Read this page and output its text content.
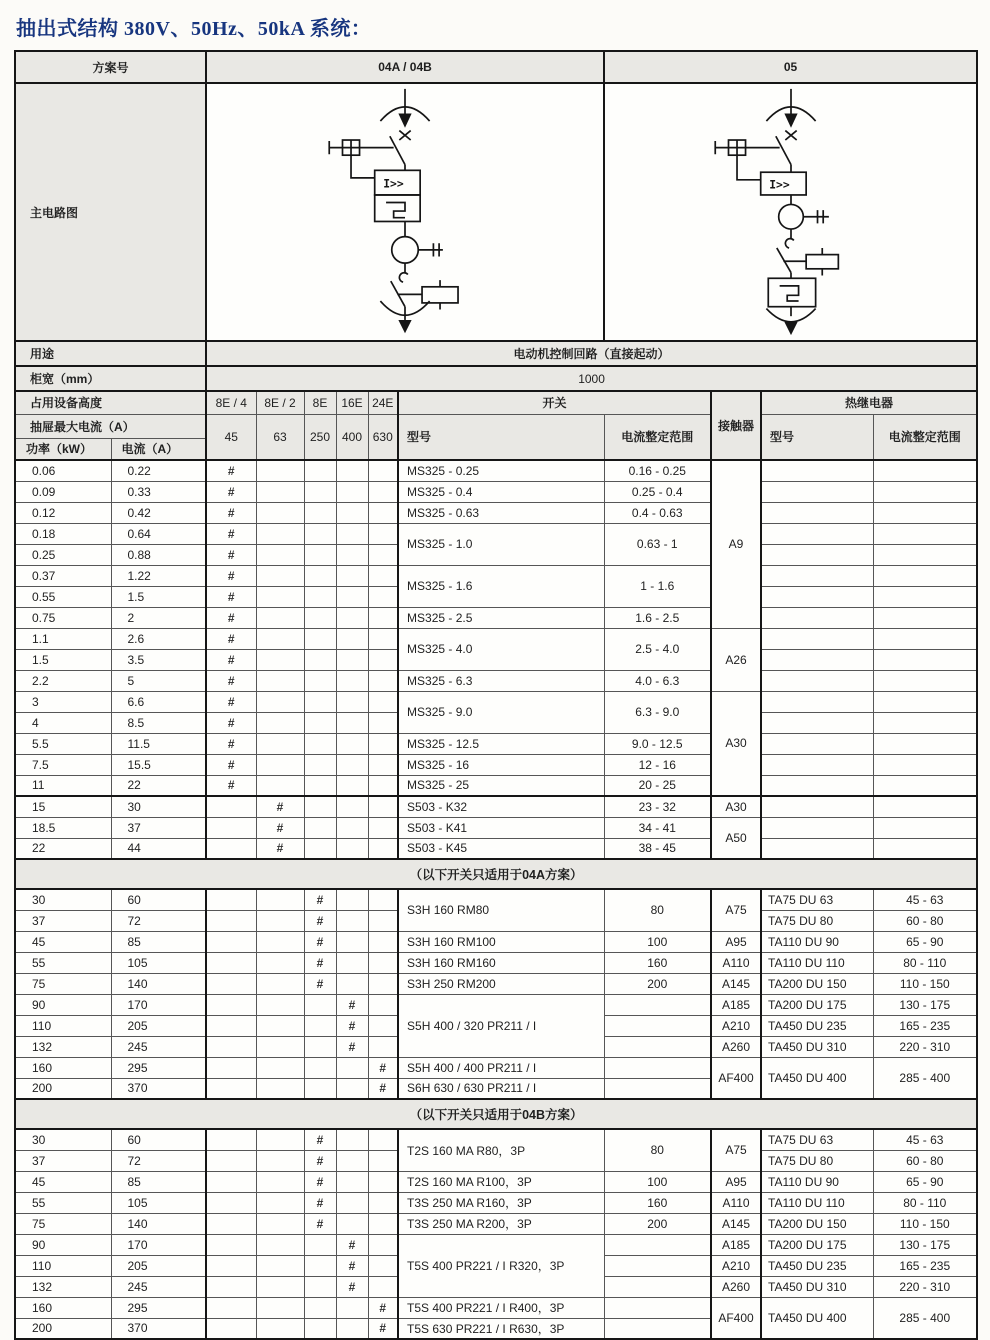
抽出式结构 380V、50Hz、50kA 系统：
方案号		04A / 04B						05			
主电路图		I>>						I>>			

用途		电动机控制回路（直接起动）									
柜宽（mm）		1000									
占用设备高度		8E / 4	8E / 2	8E	16E	24E	开关		接触器	热继电器	
抽屉最大电流（A）		45	63	250	400	630	型号	电流整定范围		型号	电流整定范围
功率（kW）	电流（A）										
0.06	0.22	#					MS325 - 0.25	0.16 - 0.25	A9		
0.09	0.33	#					MS325 - 0.4	0.25 - 0.4			
0.12	0.42	#					MS325 - 0.63	0.4 - 0.63			
0.18	0.64	#					MS325 - 1.0	0.63 - 1			
0.25	0.88	#									
0.37	1.22	#					MS325 - 1.6	1 - 1.6			
0.55	1.5	#									
0.75	2	#					MS325 - 2.5	1.6 - 2.5			
1.1	2.6	#					MS325 - 4.0	2.5 - 4.0	A26		
1.5	3.5	#									
2.2	5	#					MS325 - 6.3	4.0 - 6.3			
3	6.6	#					MS325 - 9.0	6.3 - 9.0	A30		
4	8.5	#									
5.5	11.5	#					MS325 - 12.5	9.0 - 12.5			
7.5	15.5	#					MS325 - 16	12 - 16			
11	22	#					MS325 - 25	20 - 25			
15	30		#				S503 - K32	23 - 32	A30		
18.5	37		#				S503 - K41	34 - 41	A50		
22	44		#				S503 - K45	38 - 45			
（以下开关只适用于04A方案）											
30	60			#			S3H 160 RM80	80	A75	TA75 DU 63	45 - 63
37	72			#						TA75 DU 80	60 - 80
45	85			#			S3H 160 RM100	100	A95	TA110 DU 90	65 - 90
55	105			#			S3H 160 RM160	160	A110	TA110 DU 110	80 - 110
75	140			#			S3H 250 RM200	200	A145	TA200 DU 150	110 - 150
90	170				#		S5H 400 / 320 PR211 / I		A185	TA200 DU 175	130 - 175
110	205				#				A210	TA450 DU 235	165 - 235
132	245				#				A260	TA450 DU 310	220 - 310
160	295					#	S5H 400 / 400 PR211 / I		AF400	TA450 DU 400	285 - 400
200	370					#	S6H 630 / 630 PR211 / I				
（以下开关只适用于04B方案）											
30	60			#			T2S 160 MA R80，3P	80	A75	TA75 DU 63	45 - 63
37	72			#						TA75 DU 80	60 - 80
45	85			#			T2S 160 MA R100，3P	100	A95	TA110 DU 90	65 - 90
55	105			#			T3S 250 MA R160，3P	160	A110	TA110 DU 110	80 - 110
75	140			#			T3S 250 MA R200，3P	200	A145	TA200 DU 150	110 - 150
90	170				#		T5S 400 PR221 / I R320，3P		A185	TA200 DU 175	130 - 175
110	205				#				A210	TA450 DU 235	165 - 235
132	245				#				A260	TA450 DU 310	220 - 310
160	295					#	T5S 400 PR221 / I R400，3P		AF400	TA450 DU 400	285 - 400
200	370					#	T5S 630 PR221 / I R630，3P				
